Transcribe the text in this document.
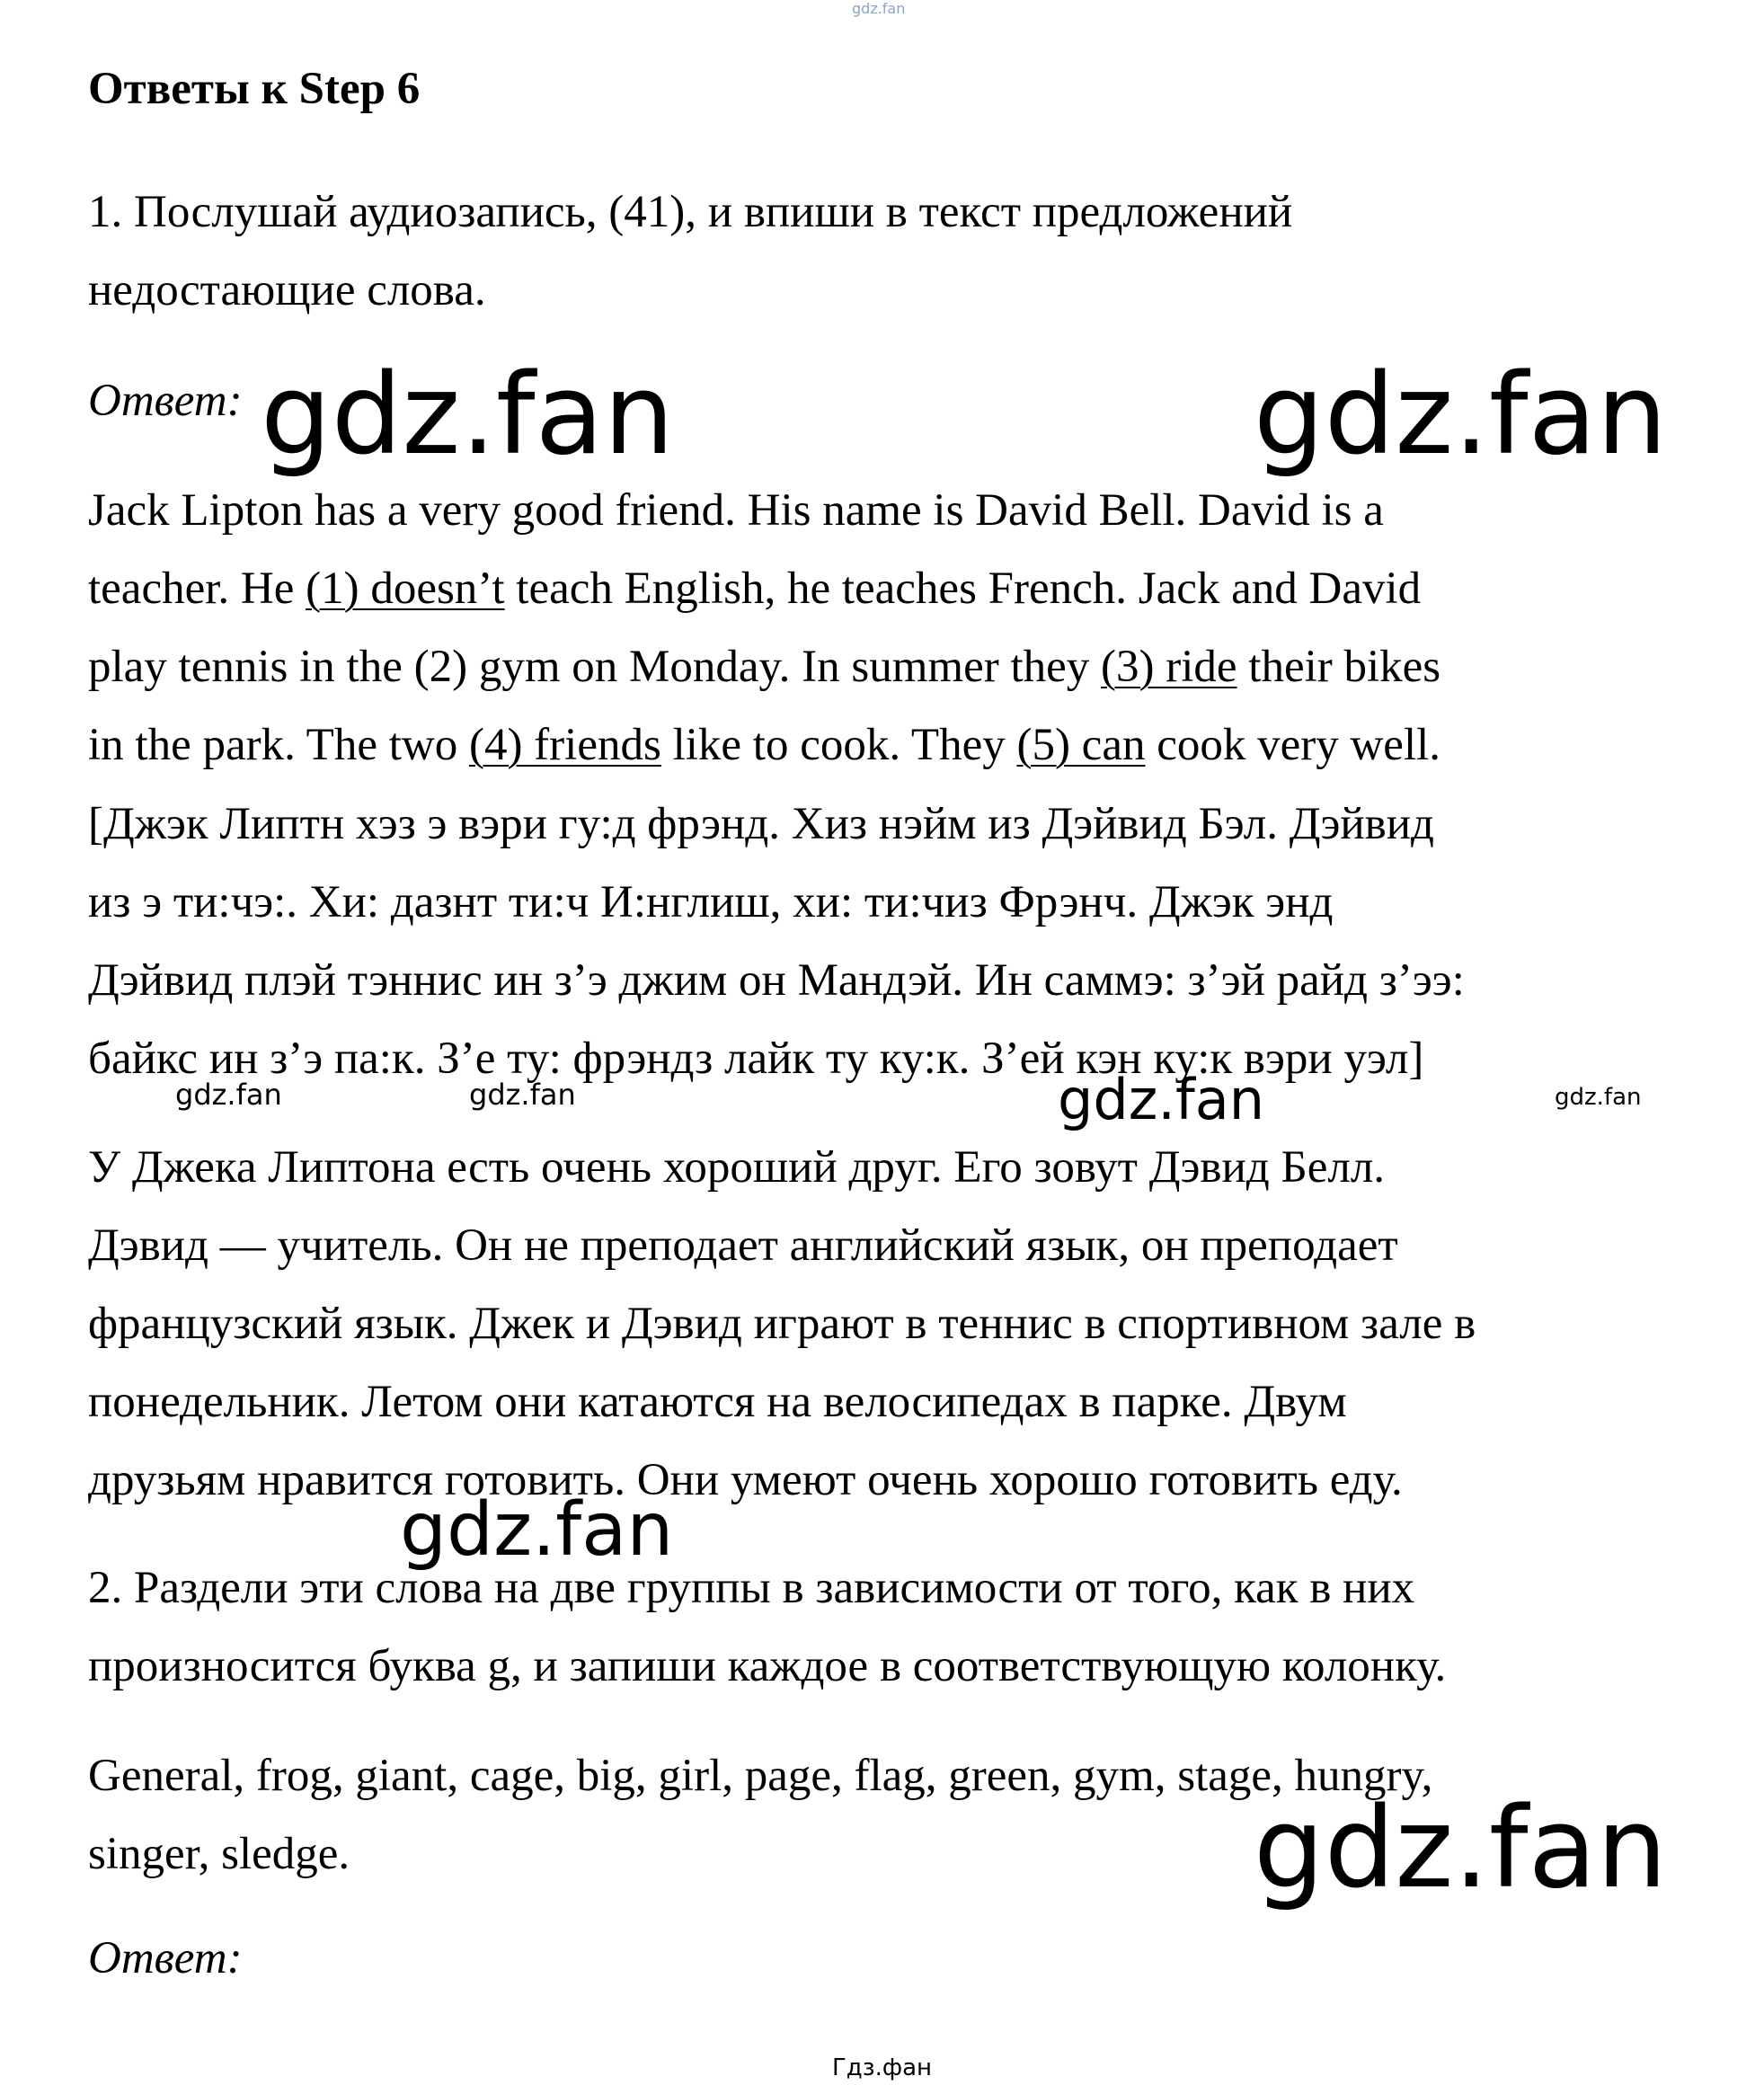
gdz.fan
Ответы к Step 6
1. Послушай аудиозапись, (41), и впиши в текст предложений
недостающие слова.
Ответ: gdz.fan	gdz.fan
Jack Lipton has a very good friend. His name is David Bell. David is a
teacher. He (1) doesn’t teach English, he teaches French. Jack and David
play tennis in the (2) gym on Monday. In summer they (3) ride their bikes
in the park. The two (4) friends like to cook. They (5) can cook very well.
[Джэк Липтн хэз э вэри гу:д фрэнд. Хиз нэйм из Дэйвид Бэл. Дэйвид
из э ти:чэ:. Хи: дазнт ти:ч И:нглиш, хи: ти:чиз Фрэнч. Джэк энд
Дэйвид плэй тэннис ин з’э джим он Мандэй. Ин саммэ: з’эй райд з’ээ:
байкс ин з’э па:к. З’е ту: фрэндз лайк ту ку:к. З’ей кэн ку:к вэри уэл]
gdz.fan	gdz.fan	gdz.fan	gdz.fan
У Джека Липтона есть очень хороший друг. Его зовут Дэвид Белл.
Дэвид — учитель. Он не преподает английский язык, он преподает
французский язык. Джек и Дэвид играют в теннис в спортивном зале в
понедельник. Летом они катаются на велосипедах в парке. Двум
друзьям нравится готовить. Они умеют очень хорошо готовить еду.
gdz.fan
2. Раздели эти слова на две группы в зависимости от того, как в них
произносится буква g, и запиши каждое в соответствующую колонку.
General, frog, giant, cage, big, girl, page, flag, green, gym, stage, hungry,
singer, sledge.	gdz.fan
Ответ:
Гдз.фан
